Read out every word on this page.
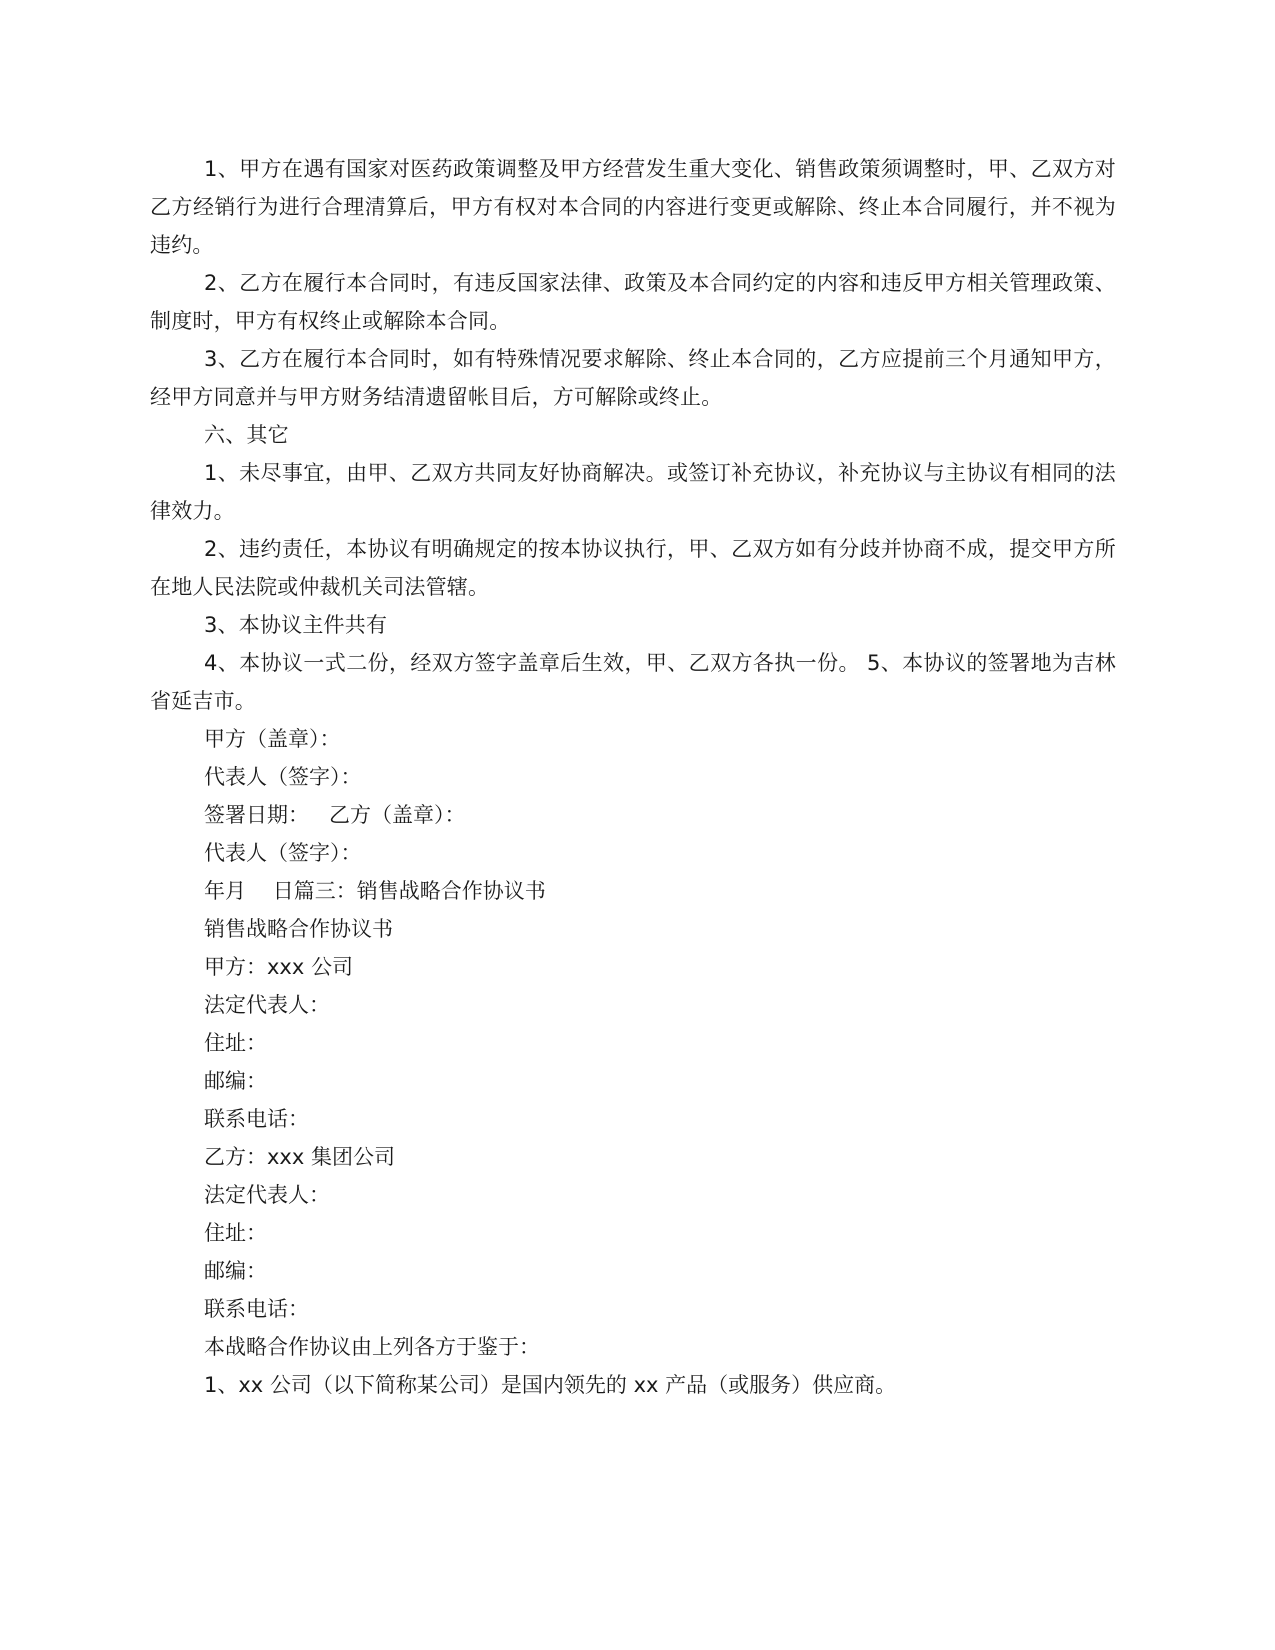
1、甲方在遇有国家对医药政策调整及甲方经营发生重大变化、销售政策须调整时，甲、乙双方对乙方经销行为进行合理清算后，甲方有权对本合同的内容进行变更或解除、终止本合同履行，并不视为违约。

2、乙方在履行本合同时，有违反国家法律、政策及本合同约定的内容和违反甲方相关管理政策、制度时，甲方有权终止或解除本合同。

3、乙方在履行本合同时，如有特殊情况要求解除、终止本合同的，乙方应提前三个月通知甲方，经甲方同意并与甲方财务结清遗留帐目后，方可解除或终止。

六、其它

1、未尽事宜，由甲、乙双方共同友好协商解决。或签订补充协议，补充协议与主协议有相同的法律效力。

2、违约责任，本协议有明确规定的按本协议执行，甲、乙双方如有分歧并协商不成，提交甲方所在地人民法院或仲裁机关司法管辖。

3、本协议主件共有

4、本协议一式二份，经双方签字盖章后生效，甲、乙双方各执一份。 5、本协议的签署地为吉林省延吉市。

甲方（盖章）：

代表人（签字）：

签署日期：   乙方（盖章）：

代表人（签字）：

年月    日篇三：销售战略合作协议书

销售战略合作协议书

甲方：xxx 公司

法定代表人：

住址：

邮编：

联系电话：

乙方：xxx 集团公司

法定代表人：

住址：

邮编：

联系电话：

本战略合作协议由上列各方于鉴于：

1、xx 公司（以下简称某公司）是国内领先的 xx 产品（或服务）供应商。
